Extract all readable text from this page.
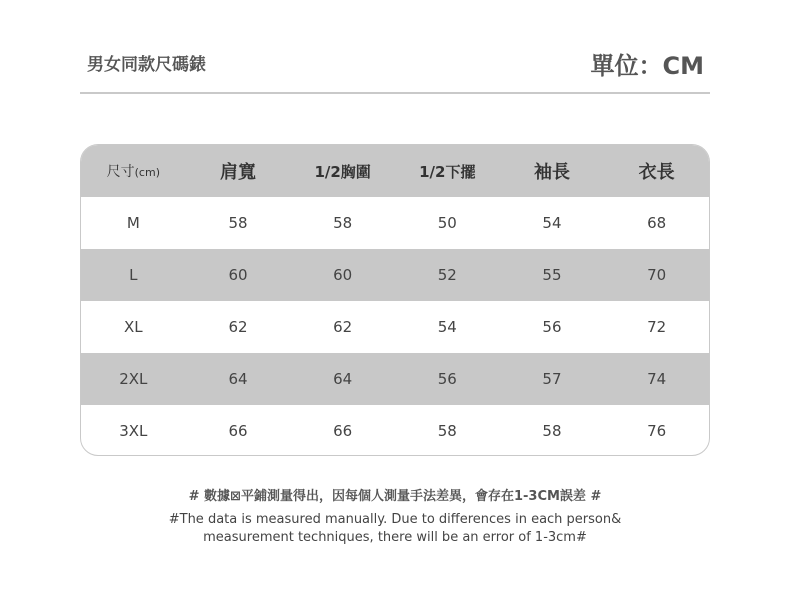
男女同款尺碼錶	單位：CM
尺寸(cm)	肩寬	1/2胸圍	1/2下擺	袖長	衣長
M	58	58	50	54	68
L	60	60	52	55	70
XL	62	62	54	56	72
2XL	64	64	56	57	74
3XL	66	66	58	58	76
# 數據⊠平鋪測量得出，因每個人測量手法差異，會存在1-3CM誤差 #
#The data is measured manually. Due to differences in each person&
measurement techniques, there will be an error of 1-3cm#
